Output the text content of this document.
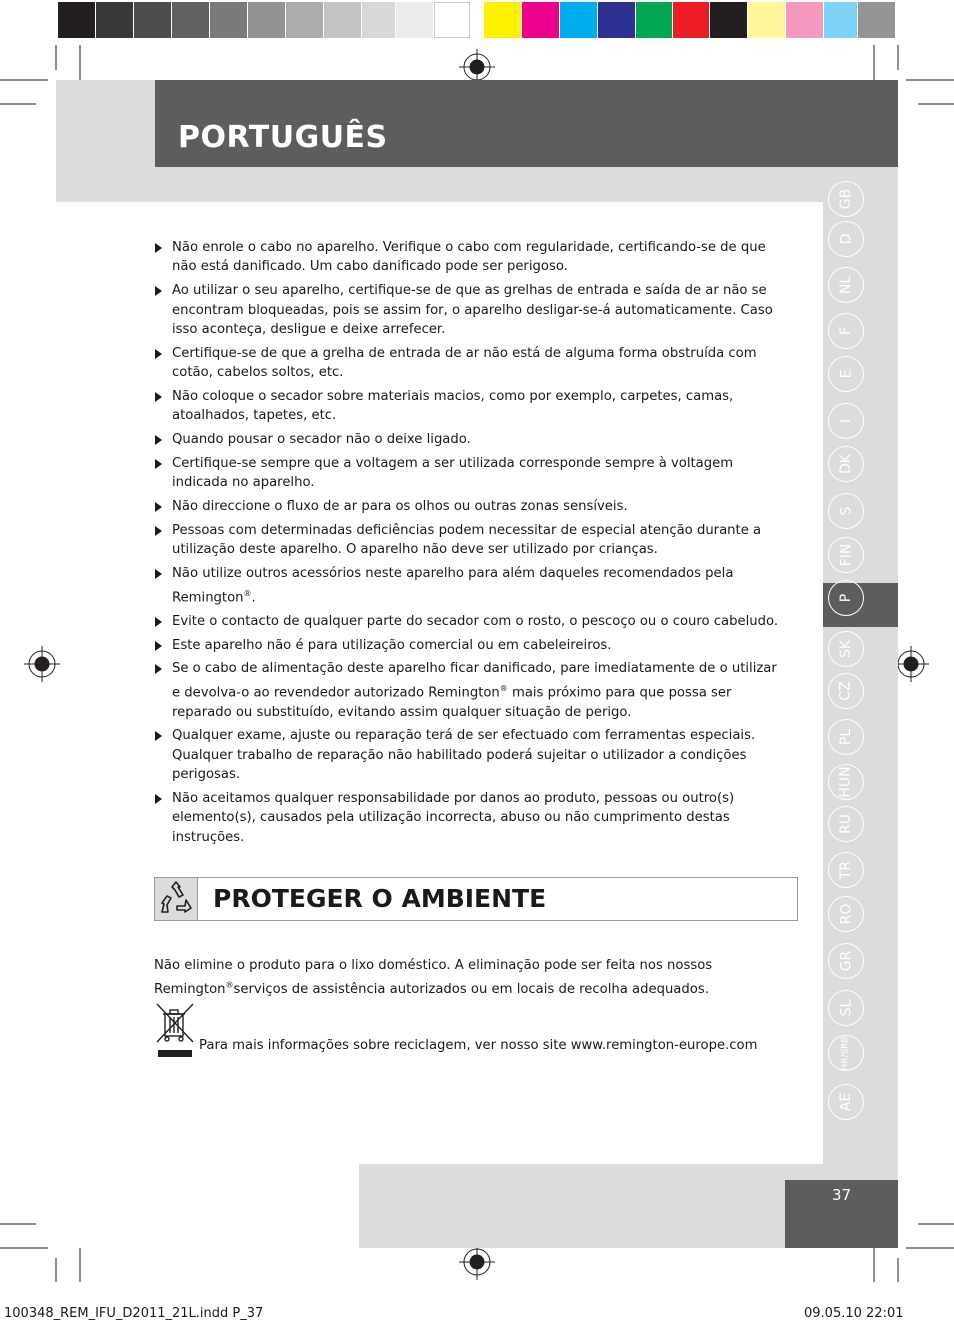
PORTUGUÊS
GB
D
NL
F
E
I
DK
S
FIN
P
SK
CZ
PL
HUN
RU
TR
RO
GR
SL
HR/SRB
AE
Não enrole o cabo no aparelho. Verifique o cabo com regularidade, certificando-se de que não está danificado. Um cabo danificado pode ser perigoso.
Ao utilizar o seu aparelho, certifique-se de que as grelhas de entrada e saída de ar não se encontram bloqueadas, pois se assim for, o aparelho desligar-se-á automaticamente. Caso isso aconteça, desligue e deixe arrefecer.
Certifique-se de que a grelha de entrada de ar não está de alguma forma obstruída com cotão, cabelos soltos, etc.
Não coloque o secador sobre materiais macios, como por exemplo, carpetes, camas, atoalhados, tapetes, etc.
Quando pousar o secador não o deixe ligado.
Certifique-se sempre que a voltagem a ser utilizada corresponde sempre à voltagem indicada no aparelho.
Não direccione o fluxo de ar para os olhos ou outras zonas sensíveis.
Pessoas com determinadas deficiências podem necessitar de especial atenção durante a utilização deste aparelho. O aparelho não deve ser utilizado por crianças.
Não utilize outros acessórios neste aparelho para além daqueles recomendados pela Remington®.
Evite o contacto de qualquer parte do secador com o rosto, o pescoço ou o couro cabeludo.
Este aparelho não é para utilização comercial ou em cabeleireiros.
Se o cabo de alimentação deste aparelho ficar danificado, pare imediatamente de o utilizar e devolva-o ao revendedor autorizado Remington® mais próximo para que possa ser reparado ou substituído, evitando assim qualquer situação de perigo.
Qualquer exame, ajuste ou reparação terá de ser efectuado com ferramentas especiais. Qualquer trabalho de reparação não habilitado poderá sujeitar o utilizador a condições perigosas.
Não aceitamos qualquer responsabilidade por danos ao produto, pessoas ou outro(s) elemento(s), causados pela utilização incorrecta, abuso ou não cumprimento destas instruções.
PROTEGER O AMBIENTE
Não elimine o produto para o lixo doméstico. A eliminação pode ser feita nos nossos Remington®serviços de assistência autorizados ou em locais de recolha adequados.
Para mais informações sobre reciclagem, ver nosso site www.remington-europe.com
37
100348_REM_IFU_D2011_21L.indd P_37	09.05.10 22:01
